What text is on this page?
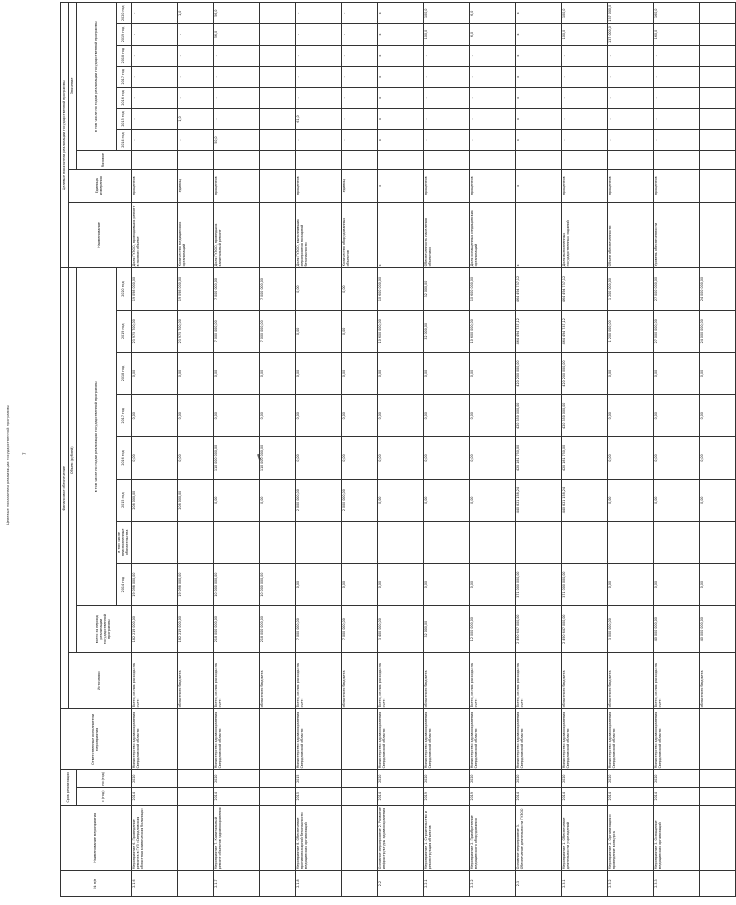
7
Целевые показатели реализации государственной программы
№ п/п	Наименование мероприятия	Срок реализации		Ответственные исполнители мероприятия	Финансовое обеспечение										Целевые показатели реализации государственной программы									
					Источники	Объем (рублей)									Наименование	Единица измерения	Значение							
		с (год)	по (год)			всего за период реализации государственной программы	в том числе по годам реализации государственной программы										базовое	в том числе по годам реализации государственной программы						
							2014 год	в том числе неисполненные обязательства	2015 год	2016 год	2017 год	2018 год	2019 год	2020 год				2014 год	2015 год	2016 год	2017 год	2018 год	2019 год	2020 год
2.1.6	Мероприятие 6. Проведение ремонта в ГУЗ «Свердловская областная клиническая больница»	2014	2020	Министерство здравоохранения Свердловской области	Всего, из них расходы на счет:	182 219 000,00	19 098 000,00		208 000,00	0,00	0,00	0,00	23 975 700,00	19 098 000,00	Доля ГУЗОО, проводивших ремонт в полном объеме	процентов		-	-	-	-	-	-	-
					областного бюджета	182 219 000,00	19 098 000,00		208 000,00	0,00	0,00	0,00	23 975 700,00	19 098 000,00	Количество медицинских организаций	единиц		-	1,0	-	-	-	-	1,0
2.1.7	Мероприятие 7. Капитальный ремонт объектов здравоохранения	2014	2020	Министерство здравоохранения Свердловской области	Всего, из них расходы на счет:	218 000 000,00	10 000 000,00		0,00	110 000 000,00	0,00	0,00	7 000 000,00	7 000 000,00	Доля ГУЗОО, проведших капитальный ремонт	процентов		50,0	-	-	-	-	56,0	56,0
					областного бюджета	218 000 000,00	10 000 000,00		0,00	110 000 000,00	0,00	0,00	7 000 000,00	7 000 000,00										
2.1.8	Мероприятие 8. Обеспечение противопожарной безопасности медицинских организаций	2015	2015	Министерство здравоохранения Свердловской области	Всего, из них расходы на счет:	7 000 000,00	0,00		2 000 000,00	0,00	0,00	0,00	0,00	0,00	Доля ГУЗОО, выполнивших мероприятия пожарной безопасности	процентов		-	61,0	-	-	-	-	-
					областного бюджета	7 000 000,00	0,00		2 000 000,00	0,00	0,00	0,00	0,00	0,00	Количество оборудованных объектов	единиц		-	-	-	-	-	-	-
2.2	Основное мероприятие 2. Развитие инфраструктуры здравоохранения	2014	2020	Министерство здравоохранения Свердловской области	Всего, из них расходы на счет:	3 400 000,00	0,00		0,00	0,00	0,00	0,00	10 600 000,00	10 600 000,00	х	х		х	х	х	х	х	х	х
2.2.1	Мероприятие 1. Строительство и реконструкция объектов	2019	2020	Министерство здравоохранения Свердловской области	областного бюджета	32 000,00	0,00		0,00	0,00	0,00	0,00	32 000,00	32 000,00	Обеспеченность населения объектами	процентов		-	-	-	-	-	100,0	100,0
2.2.2	Мероприятие 2. Приобретение медицинского оборудования	2019	2020	Министерство здравоохранения Свердловской области	Всего, из них расходы на счет:	12 000 000,00	0,00		0,00	0,00	0,00	0,00	10 600 000,00	10 600 000,00	Доля оснащенных медицинских организаций	процентов		-	-	-	-	-	6,0	6,0
2.3	Основное мероприятие 3. Обеспечение деятельности ГУЗОО	2014	2020	Министерство здравоохранения Свердловской области	Всего, из них расходы на счет:	2 490 647 000,00	371 000 000,00		440 821 158,24	420 181 750,00	420 350 000,00	420 200 000,00	464 494 737,12	464 494 737,12	х	х		х	х	х	х	х	х	х
2.3.1	Мероприятие 1. Обеспечение деятельности учреждений	2014	2020	Министерство здравоохранения Свердловской области	областного бюджета	2 490 647 000,00	371 000 000,00		440 821 158,24	420 181 750,00	420 350 000,00	420 200 000,00	464 494 737,12	464 494 737,12	Доля выполненных государственных заданий	процентов		-	-	-	-	-	100,0	100,0
2.3.2	Мероприятие 2. Организация и проведение конкурса	2014	2020	Министерство здравоохранения Свердловской области	областного бюджета	3 000 000,00	0,00		0,00	0,00	0,00	0,00	1 200 000,00	1 200 000,00	Объем обеспеченности	процентов		-	-	-	-	-	137 000,0	137 000,0
2.3.3	Мероприятие 3. Оснащение медицинских организаций	2014	2020	Министерство здравоохранения Свердловской области	Всего, из них расходы на счет:	40 000 000,00	0,00		0,00	0,00	0,00	0,00	27 000 000,00	27 000 000,00	Уровень обеспеченности	процентов		-	-	-	-	-	160,0	160,0
					областного бюджета	40 000 000,00	0,00		0,00	0,00	0,00	0,00	24 000 000,00	24 000 000,00										
